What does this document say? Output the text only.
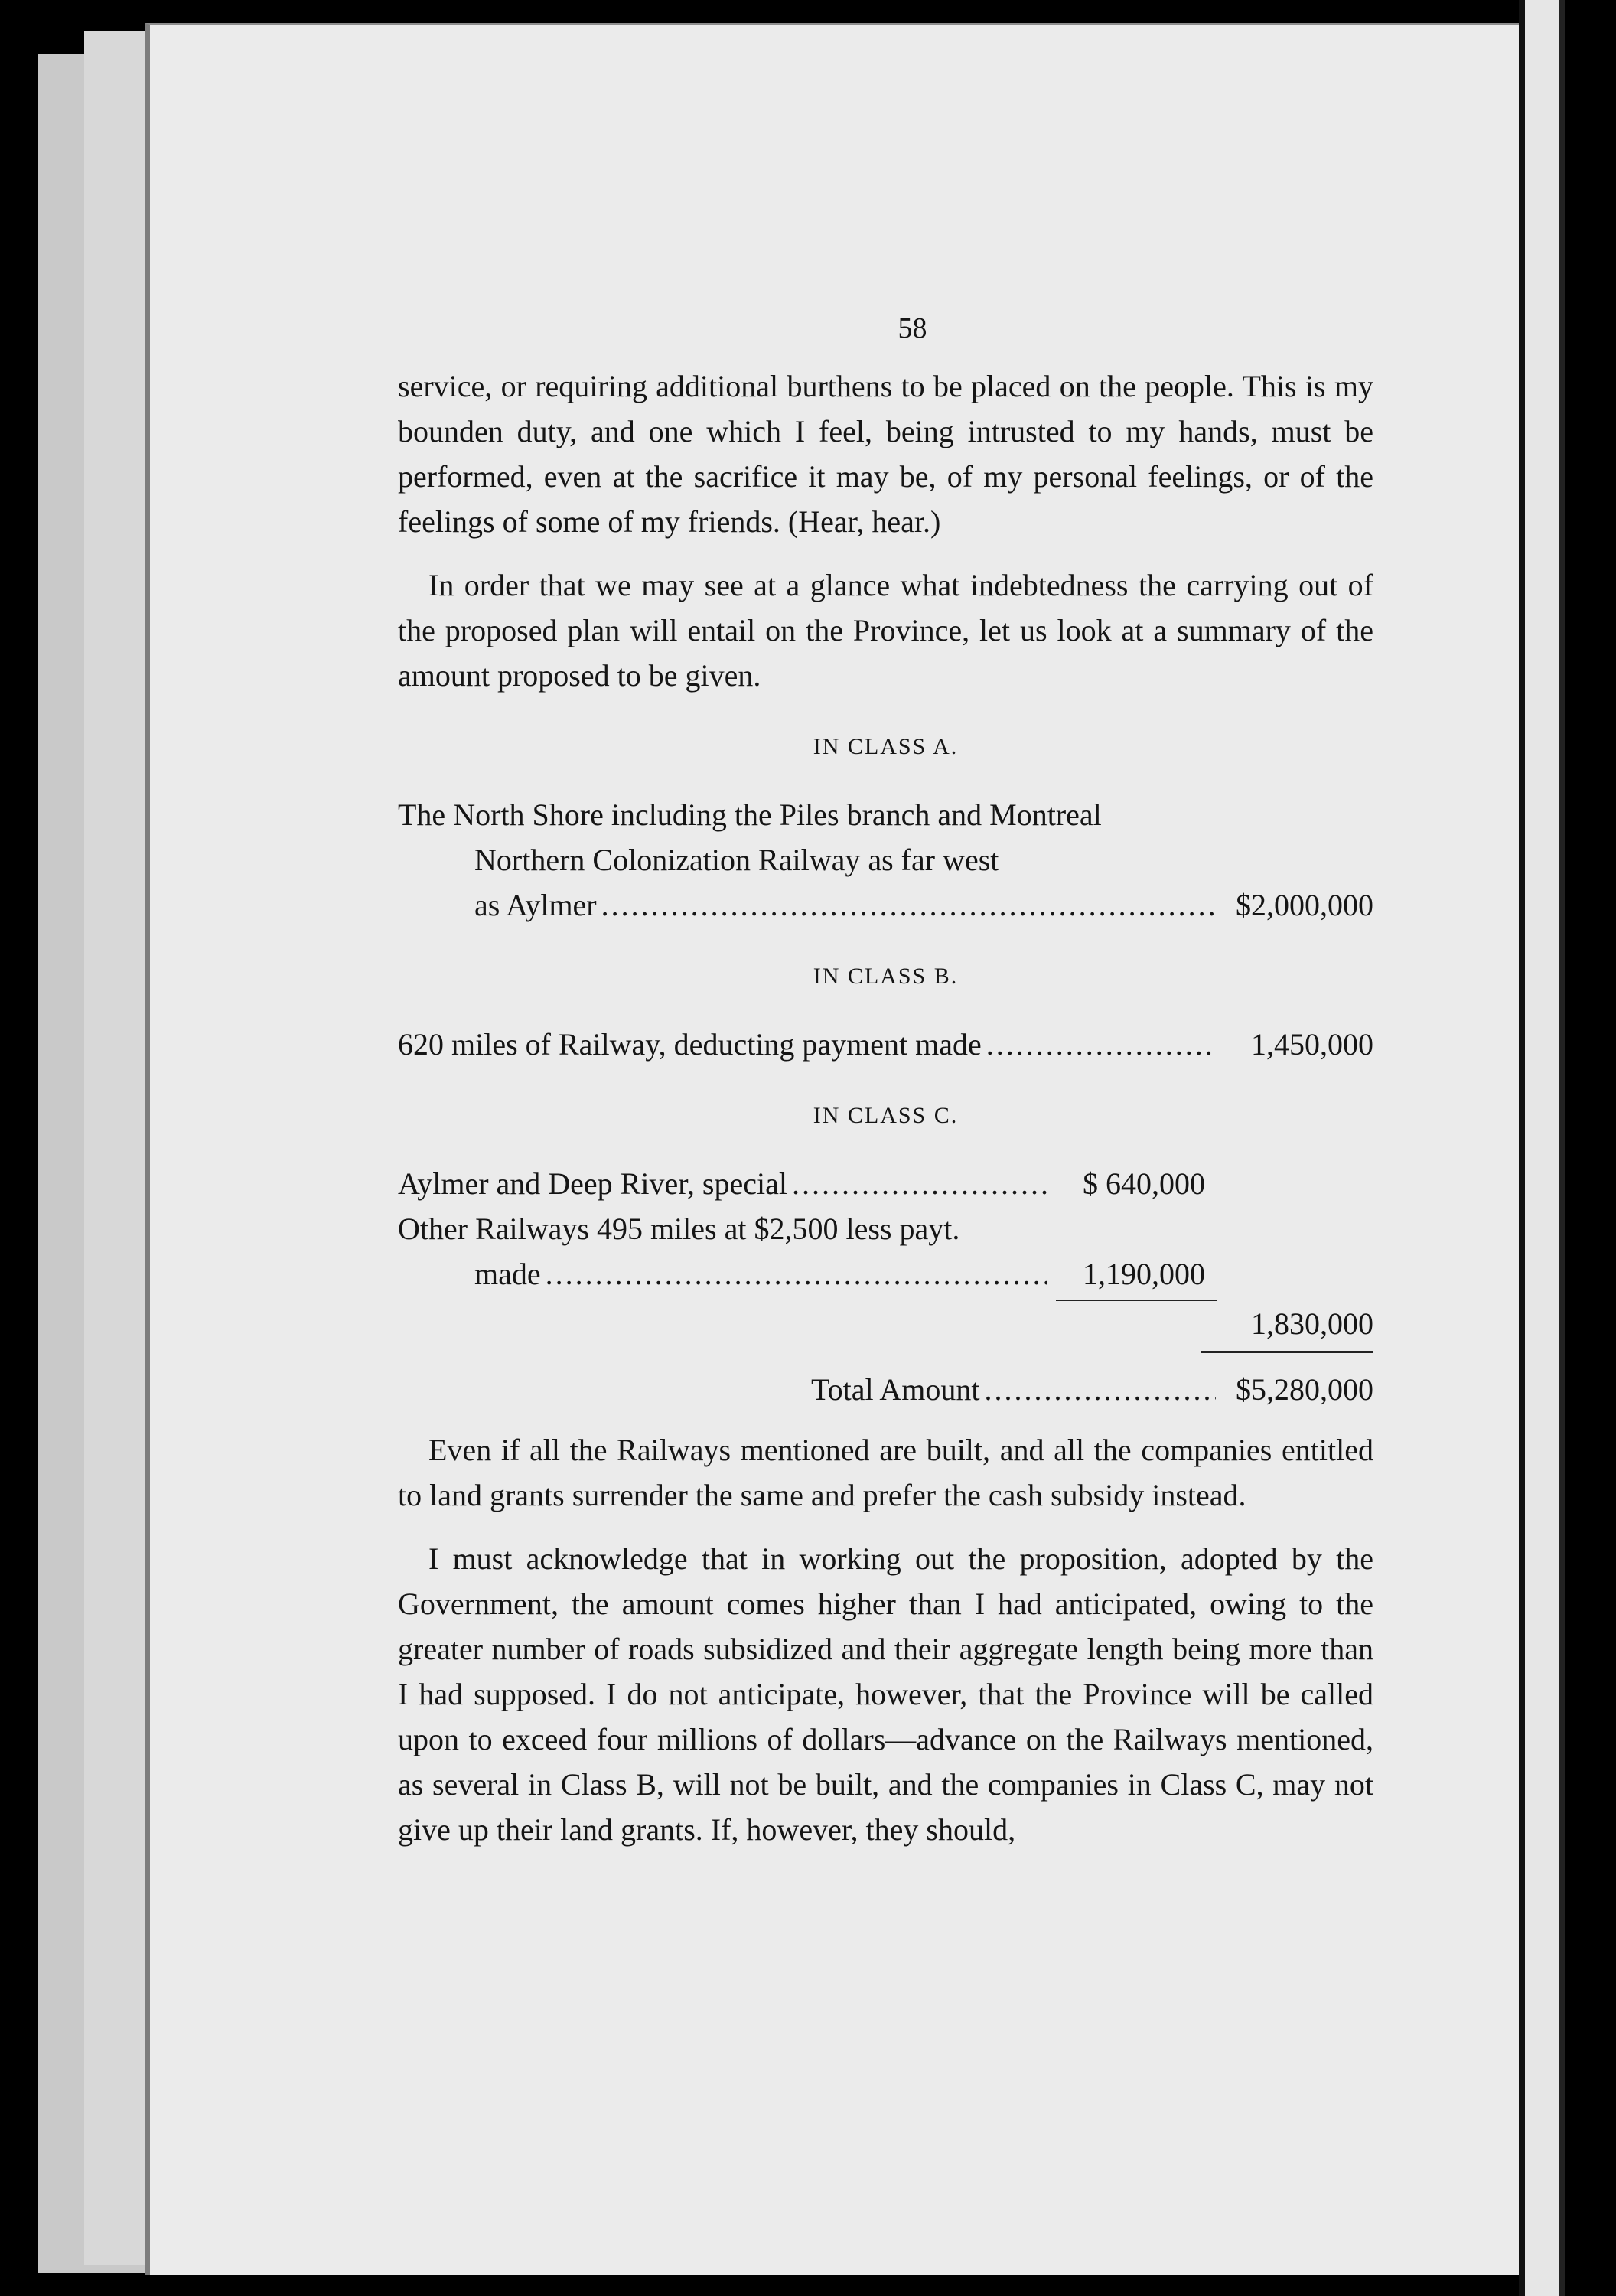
58

service, or requiring additional burthens to be placed on the people. This is my bounden duty, and one which I feel, being intrusted to my hands, must be performed, even at the sacrifice it may be, of my personal feelings, or of the feelings of some of my friends. (Hear, hear.)

In order that we may see at a glance what indebtedness the carrying out of the proposed plan will entail on the Province, let us look at a summary of the amount proposed to be given.

IN CLASS A.

The North Shore including the Piles branch and Montreal Northern Colonization Railway as far west

as Aylmer .....	$2,000,000
IN CLASS B.
620 miles of Railway, deducting payment made .....	1,450,000
IN CLASS C.
Aylmer and Deep River, special .....	$ 640,000
Other Railways 495 miles at $2,500 less payt.
made .....	1,190,000
1,830,000
Total Amount .....	$5,280,000

Even if all the Railways mentioned are built, and all the companies entitled to land grants surrender the same and prefer the cash subsidy instead.

I must acknowledge that in working out the proposition, adopted by the Government, the amount comes higher than I had anticipated, owing to the greater number of roads subsidized and their aggregate length being more than I had supposed. I do not anticipate, however, that the Province will be called upon to exceed four millions of dollars—advance on the Railways mentioned, as several in Class B, will not be built, and the companies in Class C, may not give up their land grants. If, however, they should,
